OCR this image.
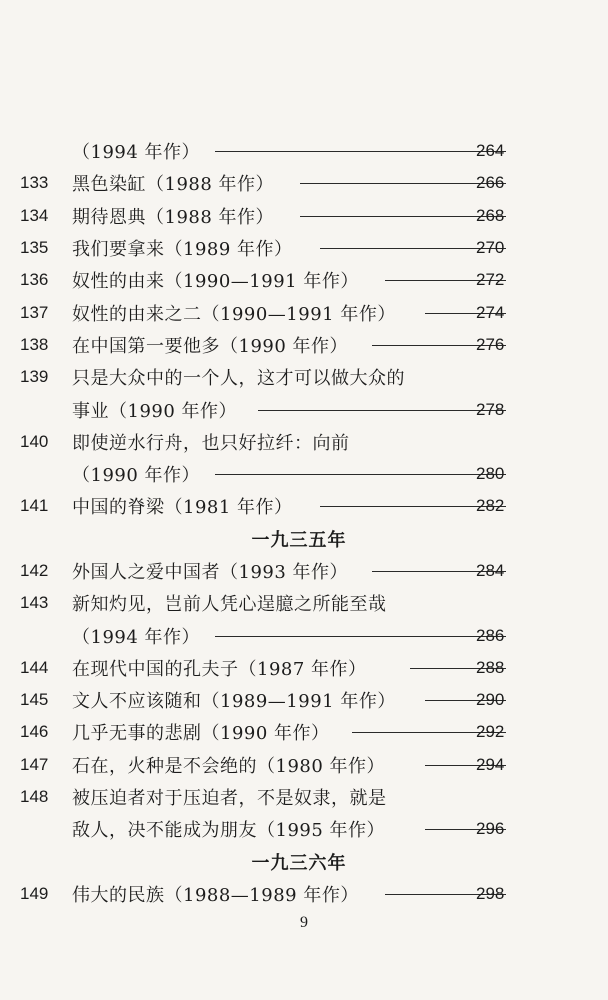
（1994 年作）	264
133	黑色染缸（1988 年作）	266
134	期待恩典（1988 年作）	268
135	我们要拿来（1989 年作）	270
136	奴性的由来（1990—1991 年作）	272
137	奴性的由来之二（1990—1991 年作）	274
138	在中国第一要他多（1990 年作）	276
139	只是大众中的一个人，这才可以做大众的
事业（1990 年作）	278
140	即使逆水行舟，也只好拉纤：向前
（1990 年作）	280
141	中国的脊梁（1981 年作）	282
一九三五年
142	外国人之爱中国者（1993 年作）	284
143	新知灼见，岂前人凭心逞臆之所能至哉
（1994 年作）	286
144	在现代中国的孔夫子（1987 年作）	288
145	文人不应该随和（1989—1991 年作）	290
146	几乎无事的悲剧（1990 年作）	292
147	石在，火种是不会绝的（1980 年作）	294
148	被压迫者对于压迫者，不是奴隶，就是
敌人，决不能成为朋友（1995 年作）	296
一九三六年
149	伟大的民族（1988—1989 年作）	298
9
